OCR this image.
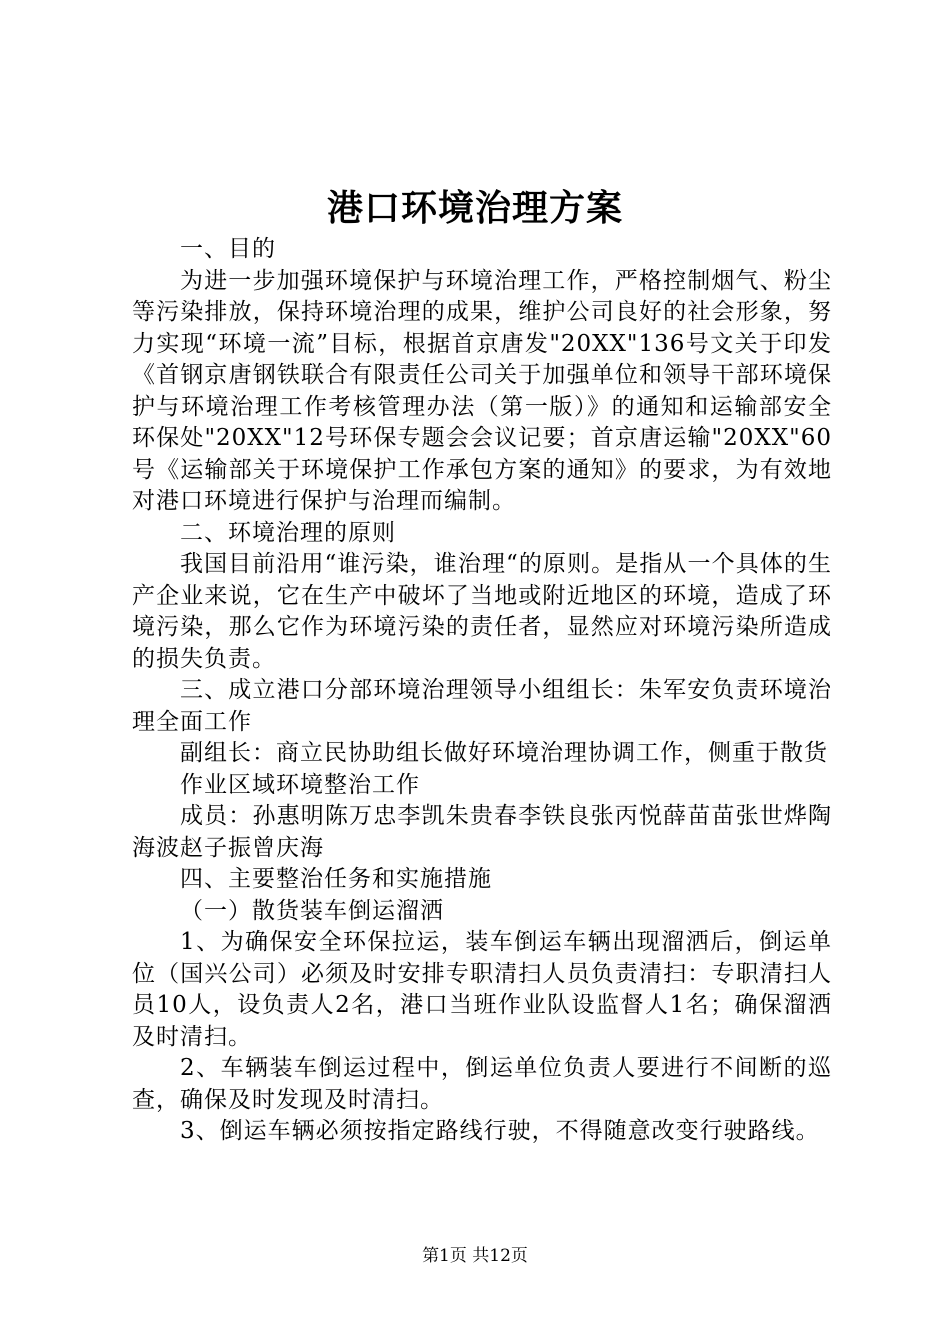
港口环境治理方案

一、目的

为进一步加强环境保护与环境治理工作，严格控制烟气、粉尘等污染排放，保持环境治理的成果，维护公司良好的社会形象，努力实现“环境一流”目标，根据首京唐发"20XX"136号文关于印发《首钢京唐钢铁联合有限责任公司关于加强单位和领导干部环境保护与环境治理工作考核管理办法（第一版）》的通知和运输部安全环保处"20XX"12号环保专题会会议记要；首京唐运输"20XX"60号《运输部关于环境保护工作承包方案的通知》的要求，为有效地对港口环境进行保护与治理而编制。

二、环境治理的原则

我国目前沿用“谁污染，谁治理“的原则。是指从一个具体的生产企业来说，它在生产中破坏了当地或附近地区的环境，造成了环境污染，那么它作为环境污染的责任者，显然应对环境污染所造成的损失负责。

三、成立港口分部环境治理领导小组组长：朱军安负责环境治理全面工作

副组长：商立民协助组长做好环境治理协调工作，侧重于散货

作业区域环境整治工作

成员：孙惠明陈万忠李凯朱贵春李铁良张丙悦薛苗苗张世烨陶海波赵子振曾庆海

四、主要整治任务和实施措施

（一）散货装车倒运溜洒

1、为确保安全环保拉运，装车倒运车辆出现溜洒后，倒运单位（国兴公司）必须及时安排专职清扫人员负责清扫：专职清扫人员10人，设负责人2名，港口当班作业队设监督人1名；确保溜洒及时清扫。

2、车辆装车倒运过程中，倒运单位负责人要进行不间断的巡查，确保及时发现及时清扫。

3、倒运车辆必须按指定路线行驶，不得随意改变行驶路线。

第1页 共12页
